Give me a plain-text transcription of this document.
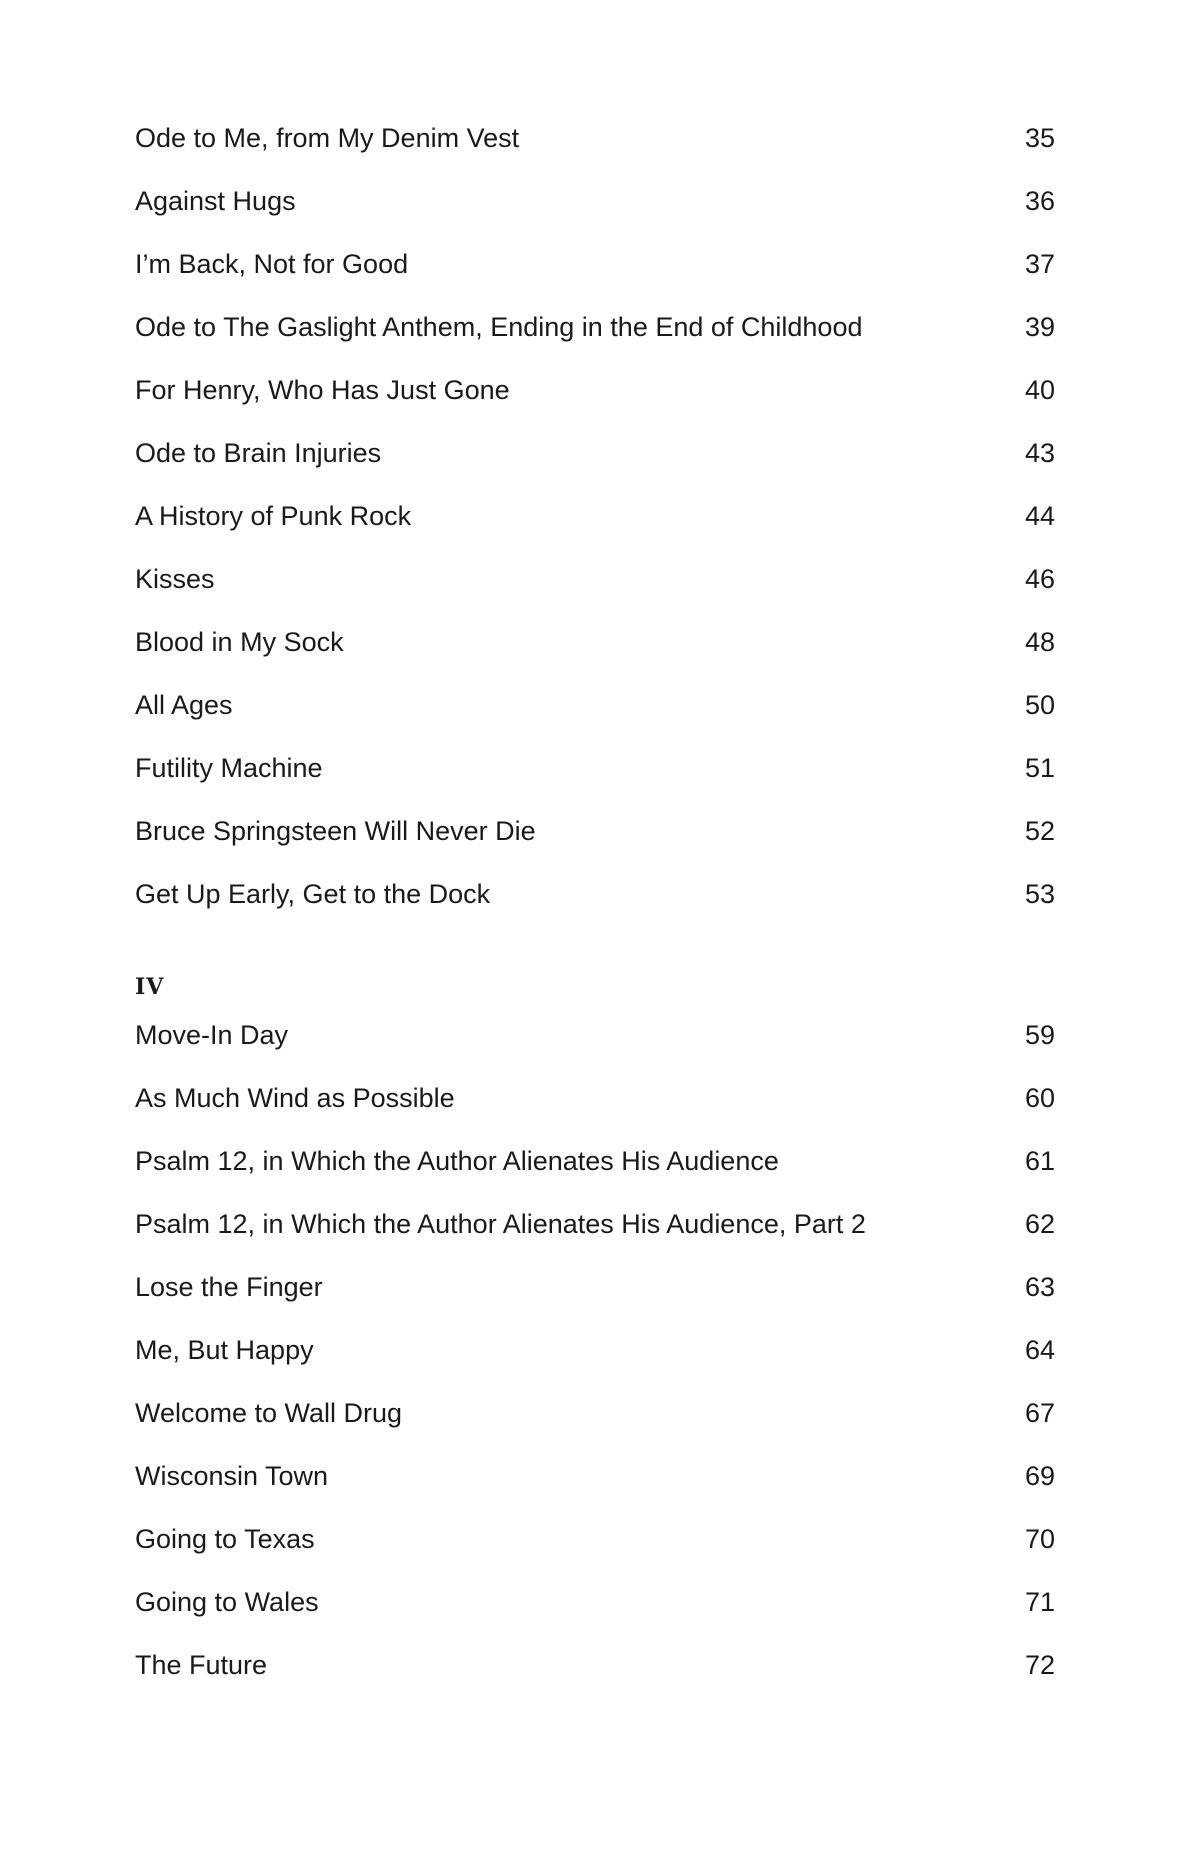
Ode to Me, from My Denim Vest	35
Against Hugs	36
I’m Back, Not for Good	37
Ode to The Gaslight Anthem, Ending in the End of Childhood	39
For Henry, Who Has Just Gone	40
Ode to Brain Injuries	43
A History of Punk Rock	44
Kisses	46
Blood in My Sock	48
All Ages	50
Futility Machine	51
Bruce Springsteen Will Never Die	52
Get Up Early, Get to the Dock	53
IV
Move-In Day	59
As Much Wind as Possible	60
Psalm 12, in Which the Author Alienates His Audience	61
Psalm 12, in Which the Author Alienates His Audience, Part 2	62
Lose the Finger	63
Me, But Happy	64
Welcome to Wall Drug	67
Wisconsin Town	69
Going to Texas	70
Going to Wales	71
The Future	72
